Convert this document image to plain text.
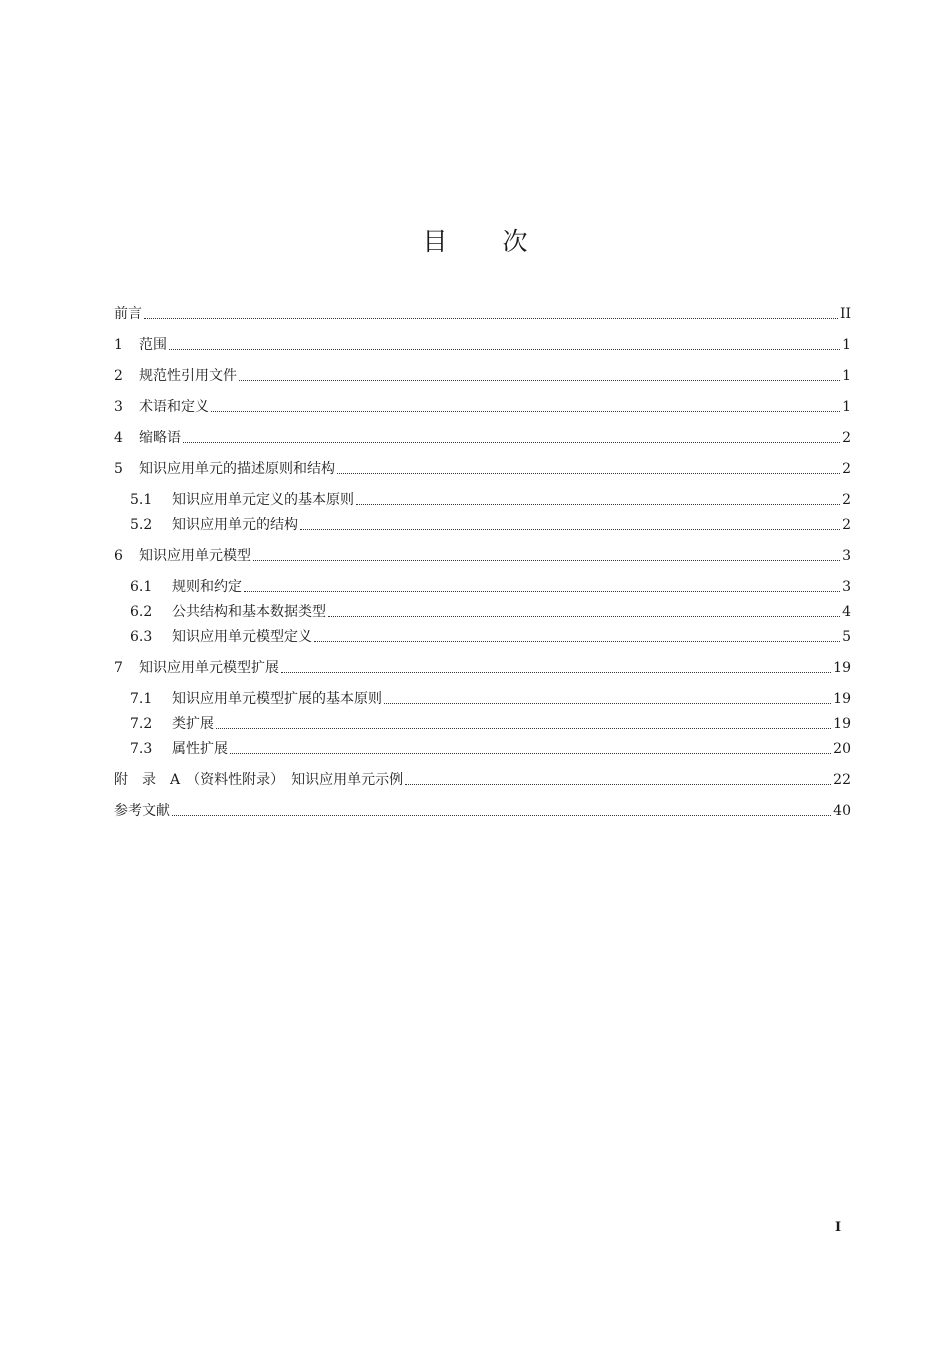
目 次
前言	II
1	范围	1
2	规范性引用文件	1
3	术语和定义	1
4	缩略语	2
5	知识应用单元的描述原则和结构	2
5.1	知识应用单元定义的基本原则	2
5.2	知识应用单元的结构	2
6	知识应用单元模型	3
6.1	规则和约定	3
6.2	公共结构和基本数据类型	4
6.3	知识应用单元模型定义	5
7	知识应用单元模型扩展	19
7.1	知识应用单元模型扩展的基本原则	19
7.2	类扩展	19
7.3	属性扩展	20
附　录　A （资料性附录）　知识应用单元示例	22
参考文献	40
I
